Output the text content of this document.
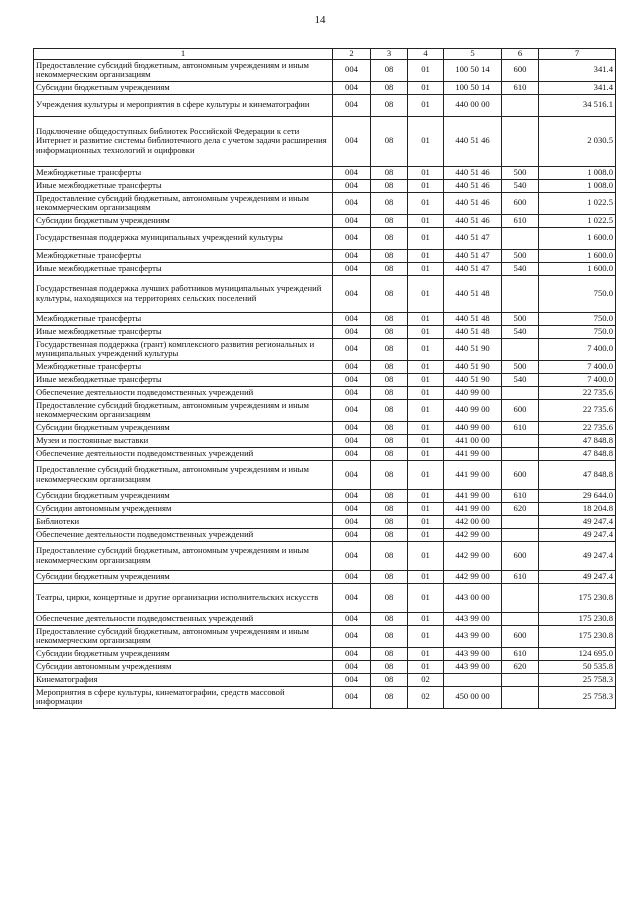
14
1	2	3	4	5	6	7
Предоставление субсидий бюджетным, автономным учреждениям и иным некоммерческим организациям	004	08	01	100 50 14	600	341.4
Субсидии бюджетным учреждениям	004	08	01	100 50 14	610	341.4
Учреждения культуры и мероприятия в сфере культуры и кинематографии	004	08	01	440 00 00		34 516.1
Подключение общедоступных библиотек Российской Федерации к сети Интернет и развитие системы библиотечного дела с учетом задачи расширения информационных технологий и оцифровки	004	08	01	440 51 46		2 030.5
Межбюджетные трансферты	004	08	01	440 51 46	500	1 008.0
Иные межбюджетные трансферты	004	08	01	440 51 46	540	1 008.0
Предоставление субсидий бюджетным, автономным учреждениям и иным некоммерческим организациям	004	08	01	440 51 46	600	1 022.5
Субсидии бюджетным учреждениям	004	08	01	440 51 46	610	1 022.5
Государственная поддержка муниципальных учреждений культуры	004	08	01	440 51 47		1 600.0
Межбюджетные трансферты	004	08	01	440 51 47	500	1 600.0
Иные межбюджетные трансферты	004	08	01	440 51 47	540	1 600.0
Государственная поддержка лучших работников муниципальных учреждений культуры, находящихся на территориях сельских поселений	004	08	01	440 51 48		750.0
Межбюджетные трансферты	004	08	01	440 51 48	500	750.0
Иные межбюджетные трансферты	004	08	01	440 51 48	540	750.0
Государственная поддержка (грант) комплексного развития региональных и муниципальных учреждений культуры	004	08	01	440 51 90		7 400.0
Межбюджетные трансферты	004	08	01	440 51 90	500	7 400.0
Иные межбюджетные трансферты	004	08	01	440 51 90	540	7 400.0
Обеспечение деятельности подведомственных учреждений	004	08	01	440 99 00		22 735.6
Предоставление субсидий бюджетным, автономным учреждениям и иным некоммерческим организациям	004	08	01	440 99 00	600	22 735.6
Субсидии бюджетным учреждениям	004	08	01	440 99 00	610	22 735.6
Музеи и постоянные выставки	004	08	01	441 00 00		47 848.8
Обеспечение деятельности подведомственных учреждений	004	08	01	441 99 00		47 848.8
Предоставление субсидий бюджетным, автономным учреждениям и иным некоммерческим организациям	004	08	01	441 99 00	600	47 848.8
Субсидии бюджетным учреждениям	004	08	01	441 99 00	610	29 644.0
Субсидии автономным учреждениям	004	08	01	441 99 00	620	18 204.8
Библиотеки	004	08	01	442 00 00		49 247.4
Обеспечение деятельности подведомственных учреждений	004	08	01	442 99 00		49 247.4
Предоставление субсидий бюджетным, автономным учреждениям и иным некоммерческим организациям	004	08	01	442 99 00	600	49 247.4
Субсидии бюджетным учреждениям	004	08	01	442 99 00	610	49 247.4
Театры, цирки, концертные и другие организации исполнительских искусств	004	08	01	443 00 00		175 230.8
Обеспечение деятельности подведомственных учреждений	004	08	01	443 99 00		175 230.8
Предоставление субсидий бюджетным, автономным учреждениям и иным некоммерческим организациям	004	08	01	443 99 00	600	175 230.8
Субсидии бюджетным учреждениям	004	08	01	443 99 00	610	124 695.0
Субсидии автономным учреждениям	004	08	01	443 99 00	620	50 535.8
Кинематография	004	08	02			25 758.3
Мероприятия в сфере культуры, кинематографии, средств массовой информации	004	08	02	450 00 00		25 758.3
